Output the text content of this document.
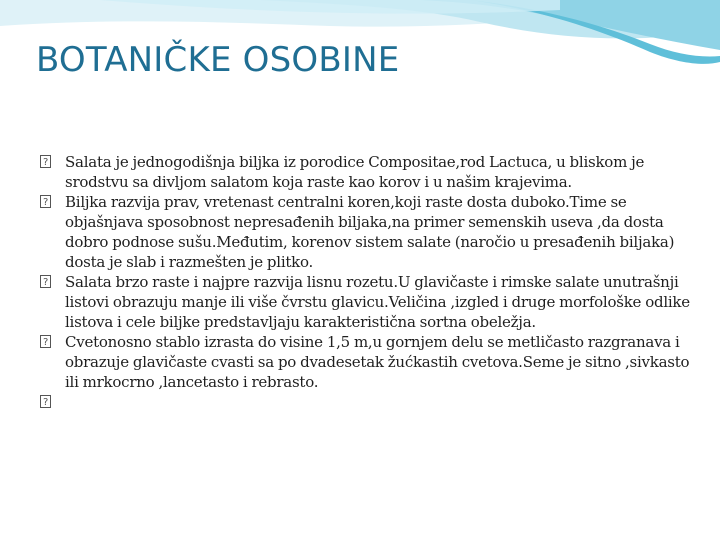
BOTANIČKE OSOBINE
?
Salata je jednogodišnja biljka iz porodice Compositae,rod Lactuca, u bliskom je srodstvu sa divljom salatom koja raste kao korov i u našim krajevima.
?
Biljka razvija prav, vretenast centralni koren,koji raste dosta duboko.Time se objašnjava sposobnost nepresađenih biljaka,na primer semenskih useva ,da dosta dobro podnose sušu.Međutim, korenov sistem salate (naročio u presađenih biljaka) dosta je slab i razmešten je plitko.
?
Salata brzo raste i najpre razvija lisnu rozetu.U glavičaste i rimske salate unutrašnji listovi obrazuju manje ili više čvrstu glavicu.Veličina ,izgled i druge morfološke odlike listova i cele biljke predstavljaju karakteristična sortna obeležja.
?
Cvetonosno stablo izrasta do visine 1,5 m,u gornjem delu se metličasto razgranava i obrazuje glavičaste cvasti sa po dvadesetak žućkastih cvetova.Seme je sitno ,sivkasto ili mrkocrno ,lancetasto i rebrasto.
?
